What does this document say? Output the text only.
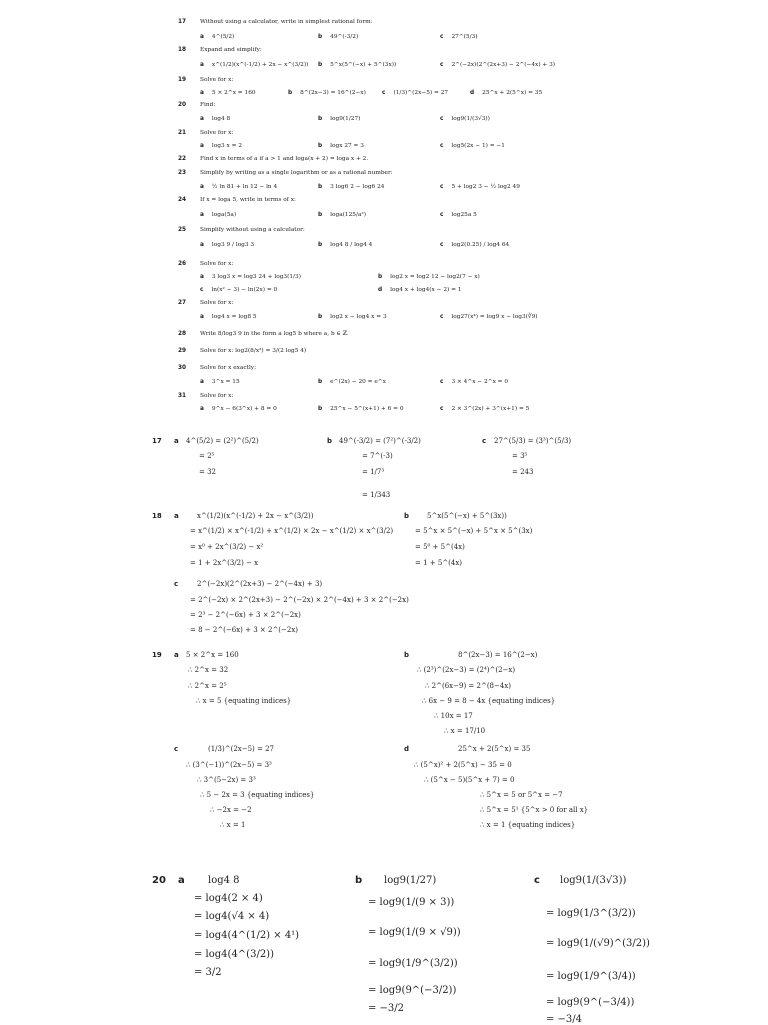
17 Without using a calculator, write in simplest rational form:
a 4^(5/2)	b 49^(-3/2)	c 27^(5/3)
18 Expand and simplify:
a x^(1/2)(x^(-1/2) + 2x − x^(3/2)) b 5^x(5^(−x) + 5^(3x))	c 2^(−2x)(2^(2x+3) − 2^(−4x) + 3)
19 Solve for x:
a 5 × 2^x = 160	b 8^(2x−3) = 16^(2−x)	c (1/3)^(2x−5) = 27	d 25^x + 2(5^x) = 35
20 Find:
a log4 8	b log9(1/27)	c log9(1/(3√3))
21 Solve for x:
a log3 x = 2	b logx 27 = 3	c log5(2x − 1) = −1
22 Find x in terms of a if a > 1 and loga(x + 2) = loga x + 2.
23 Simplify by writing as a single logarithm or as a rational number:
a ½ ln 81 + ln 12 − ln 4	b 3 log6 2 − log6 24	c 5 + log2 3 − ½ log2 49
24 If x = loga 5, write in terms of x:
a loga(5a)	b loga(125/a²)	c log25a 5
25 Simplify without using a calculator:
a log3 9 / log3 3	b log4 8 / log4 4	c log2(0.25) / log4 64
26 Solve for x:
a 3 log3 x = log3 24 + log3(1/3)	b log2 x = log2 12 − log2(7 − x)
c ln(x² − 3) − ln(2x) = 0	d log4 x + log4(x − 2) = 1
27 Solve for x:
a log4 x = log8 5	b log2 x − log4 x = 3	c log27(x⁴) = log9 x − log3(∛9)
28 Write 8/log3 9 in the form a log5 b where a, b ∈ ℤ.
29 Solve for x: log2(8/x³) = 3/(2 log5 4)
30 Solve for x exactly:
a 3^x = 15	b e^(2x) − 20 = e^x	c 3 × 4^x − 2^x = 0
31 Solve for x:
a 9^x − 6(3^x) + 8 = 0	b 25^x − 5^(x+1) + 6 = 0	c 2 × 3^(2x) + 3^(x+1) = 5
17 a 4^(5/2) = (2²)^(5/2)
= 2⁵
= 32
b 49^(-3/2) = (7²)^(-3/2)
= 7^(-3)
= 1/7³
= 1/343
c 27^(5/3) = (3³)^(5/3)
= 3⁵
= 243
18 a	x^(1/2)(x^(-1/2) + 2x − x^(3/2))
= x^(1/2) × x^(-1/2) + x^(1/2) × 2x − x^(1/2) × x^(3/2)
= x⁰ + 2x^(3/2) − x²
= 1 + 2x^(3/2) − x
b	5^x(5^(−x) + 5^(3x))
= 5^x × 5^(−x) + 5^x × 5^(3x)
= 5⁰ + 5^(4x)
= 1 + 5^(4x)
c	2^(−2x)(2^(2x+3) − 2^(−4x) + 3)
= 2^(−2x) × 2^(2x+3) − 2^(−2x) × 2^(−4x) + 3 × 2^(−2x)
= 2³ − 2^(−6x) + 3 × 2^(−2x)
= 8 − 2^(−6x) + 3 × 2^(−2x)
19 a 5 × 2^x = 160
∴ 2^x = 32
∴ 2^x = 2⁵
∴ x = 5 {equating indices}
b	8^(2x−3) = 16^(2−x)
∴ (2³)^(2x−3) = (2⁴)^(2−x)
∴ 2^(6x−9) = 2^(8−4x)
∴ 6x − 9 = 8 − 4x {equating indices}
∴ 10x = 17
∴ x = 17/10
c	(1/3)^(2x−5) = 27
∴ (3^(−1))^(2x−5) = 3³
∴ 3^(5−2x) = 3³
∴ 5 − 2x = 3 {equating indices}
∴ −2x = −2
∴ x = 1
d	25^x + 2(5^x) = 35
∴ (5^x)² + 2(5^x) − 35 = 0
∴ (5^x − 5)(5^x + 7) = 0
∴ 5^x = 5 or 5^x = −7
∴ 5^x = 5¹ {5^x > 0 for all x}
∴ x = 1 {equating indices}
20 a log4 8
= log4(2 × 4)
= log4(√4 × 4)
= log4(4^(1/2) × 4¹)
= log4(4^(3/2))
= 3/2
b log9(1/27)
= log9(1/(9 × 3))
= log9(1/(9 × √9))
= log9(1/9^(3/2))
= log9(9^(−3/2))
= −3/2
c log9(1/(3√3))
= log9(1/3^(3/2))
= log9(1/(√9)^(3/2))
= log9(1/9^(3/4))
= log9(9^(−3/4))
= −3/4
